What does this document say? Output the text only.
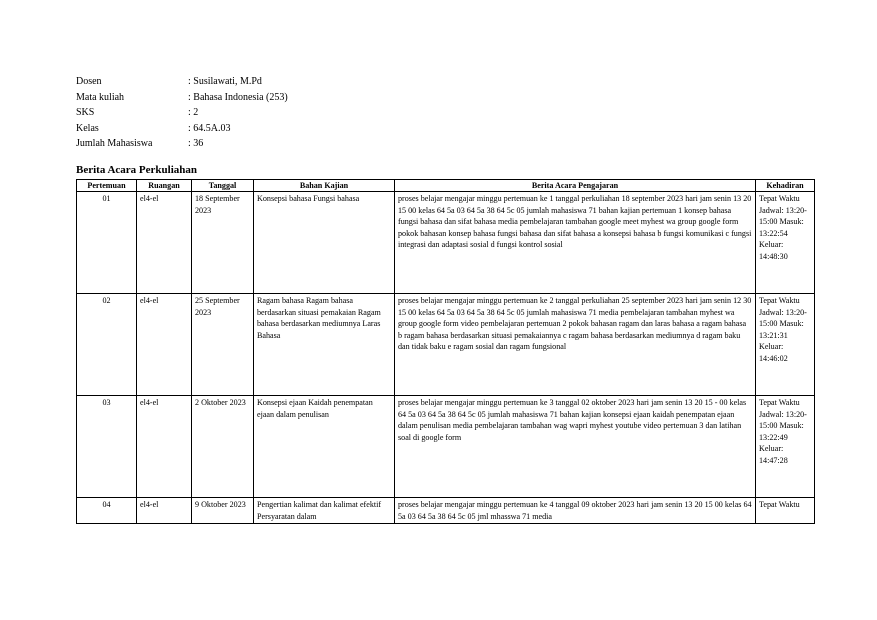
Dosen	: Susilawati, M.Pd
Mata kuliah	: Bahasa Indonesia (253)
SKS	: 2
Kelas	: 64.5A.03
Jumlah Mahasiswa	: 36
Berita Acara Perkuliahan
Pertemuan	Ruangan	Tanggal	Bahan Kajian	Berita Acara Pengajaran	Kehadiran
01	el4-el	18 September 2023	Konsepsi bahasa Fungsi bahasa	proses belajar mengajar minggu pertemuan ke 1 tanggal perkuliahan 18 september 2023 hari jam senin 13 20 15 00 kelas 64 5a 03 64 5a 38 64 5c 05 jumlah mahasiswa 71 bahan kajian pertemuan 1 konsep bahasa fungsi bahasa dan sifat bahasa media pembelajaran tambahan google meet myhest wa group google form pokok bahasan konsep bahasa fungsi bahasa dan sifat bahasa a konsepsi bahasa b fungsi komunikasi c fungsi integrasi dan adaptasi sosial d fungsi kontrol sosial	Tepat Waktu Jadwal: 13:20-15:00 Masuk: 13:22:54 Keluar: 14:48:30
02	el4-el	25 September 2023	Ragam bahasa Ragam bahasa berdasarkan situasi pemakaian Ragam bahasa berdasarkan mediumnya Laras Bahasa	proses belajar mengajar minggu pertemuan ke 2 tanggal perkuliahan 25 september 2023 hari jam senin 12 30 15 00 kelas 64 5a 03 64 5a 38 64 5c 05 jumlah mahasiswa 71 media pembelajaran tambahan myhest wa group google form video pembelajaran pertemuan 2 pokok bahasan ragam dan laras bahasa a ragam bahasa b ragam bahasa berdasarkan situasi pemakaiannya c ragam bahasa berdasarkan mediumnya d ragam baku dan tidak baku e ragam sosial dan ragam fungsional	Tepat Waktu Jadwal: 13:20-15:00 Masuk: 13:21:31 Keluar: 14:46:02
03	el4-el	2 Oktober 2023	Konsepsi ejaan Kaidah penempatan ejaan dalam penulisan	proses belajar mengajar minggu pertemuan ke 3 tanggal 02 oktober 2023 hari jam senin 13 20 15 - 00 kelas 64 5a 03 64 5a 38 64 5c 05 jumlah mahasiswa 71 bahan kajian konsepsi ejaan kaidah penempatan ejaan dalam penulisan media pembelajaran tambahan wag wapri myhest youtube video pertemuan 3 dan latihan soal di google form	Tepat Waktu Jadwal: 13:20-15:00 Masuk: 13:22:49 Keluar: 14:47:28
04	el4-el	9 Oktober 2023	Pengertian kalimat dan kalimat efektif Persyaratan dalam	proses belajar mengajar minggu pertemuan ke 4 tanggal 09 oktober 2023 hari jam senin 13 20 15 00 kelas 64 5a 03 64 5a 38 64 5c 05 jml mhasswa 71 media	Tepat Waktu
